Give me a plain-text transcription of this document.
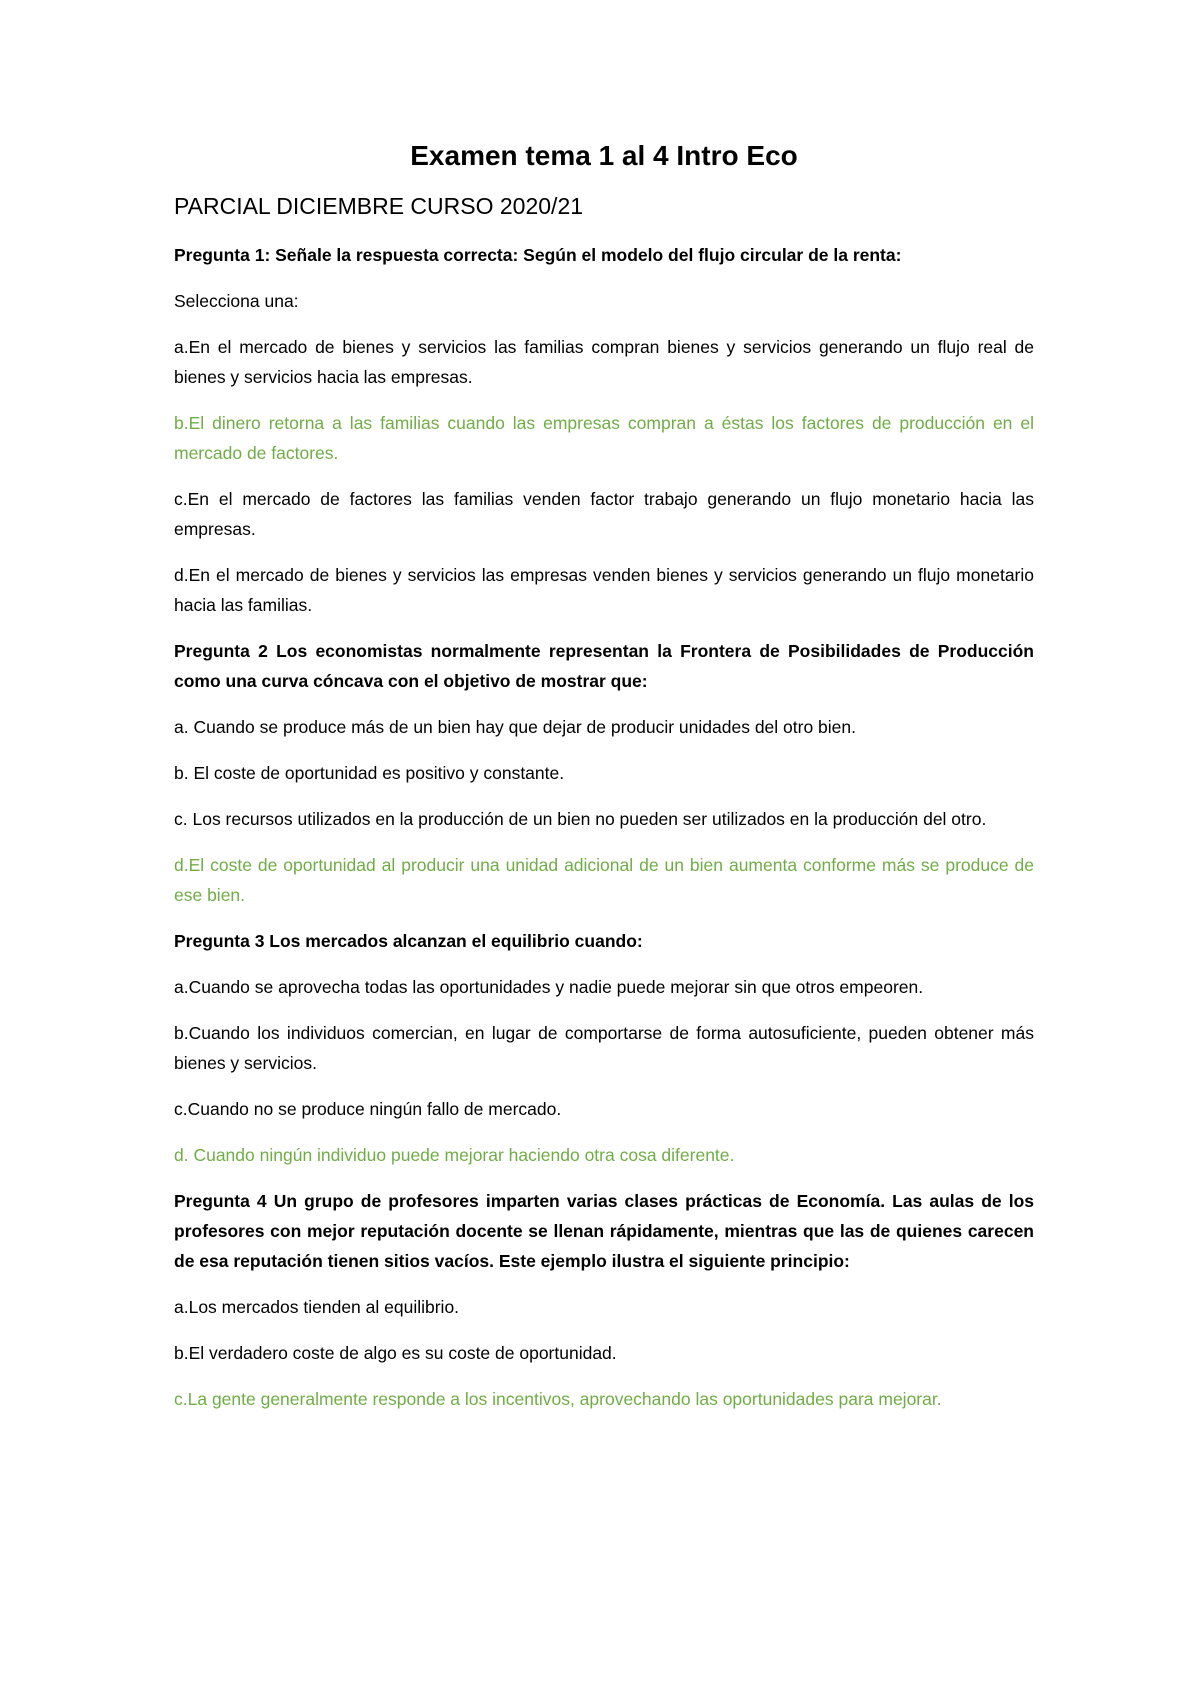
Examen tema 1 al 4 Intro Eco
PARCIAL DICIEMBRE CURSO 2020/21

Pregunta 1: Señale la respuesta correcta: Según el modelo del flujo circular de la renta:

Selecciona una:

a.En el mercado de bienes y servicios las familias compran bienes y servicios generando un flujo real de bienes y servicios hacia las empresas.

b.El dinero retorna a las familias cuando las empresas compran a éstas los factores de producción en el mercado de factores.

c.En el mercado de factores las familias venden factor trabajo generando un flujo monetario hacia las empresas.

d.En el mercado de bienes y servicios las empresas venden bienes y servicios generando un flujo monetario hacia las familias.

Pregunta 2 Los economistas normalmente representan la Frontera de Posibilidades de Producción como una curva cóncava con el objetivo de mostrar que:

a. Cuando se produce más de un bien hay que dejar de producir unidades del otro bien.

b. El coste de oportunidad es positivo y constante.

c. Los recursos utilizados en la producción de un bien no pueden ser utilizados en la producción del otro.

d.El coste de oportunidad al producir una unidad adicional de un bien aumenta conforme más se produce de ese bien.

Pregunta 3 Los mercados alcanzan el equilibrio cuando:

a.Cuando se aprovecha todas las oportunidades y nadie puede mejorar sin que otros empeoren.

b.Cuando los individuos comercian, en lugar de comportarse de forma autosuficiente, pueden obtener más bienes y servicios.

c.Cuando no se produce ningún fallo de mercado.

d. Cuando ningún individuo puede mejorar haciendo otra cosa diferente.

Pregunta 4 Un grupo de profesores imparten varias clases prácticas de Economía. Las aulas de los profesores con mejor reputación docente se llenan rápidamente, mientras que las de quienes carecen de esa reputación tienen sitios vacíos. Este ejemplo ilustra el siguiente principio:

a.Los mercados tienden al equilibrio.

b.El verdadero coste de algo es su coste de oportunidad.

c.La gente generalmente responde a los incentivos, aprovechando las oportunidades para mejorar.
